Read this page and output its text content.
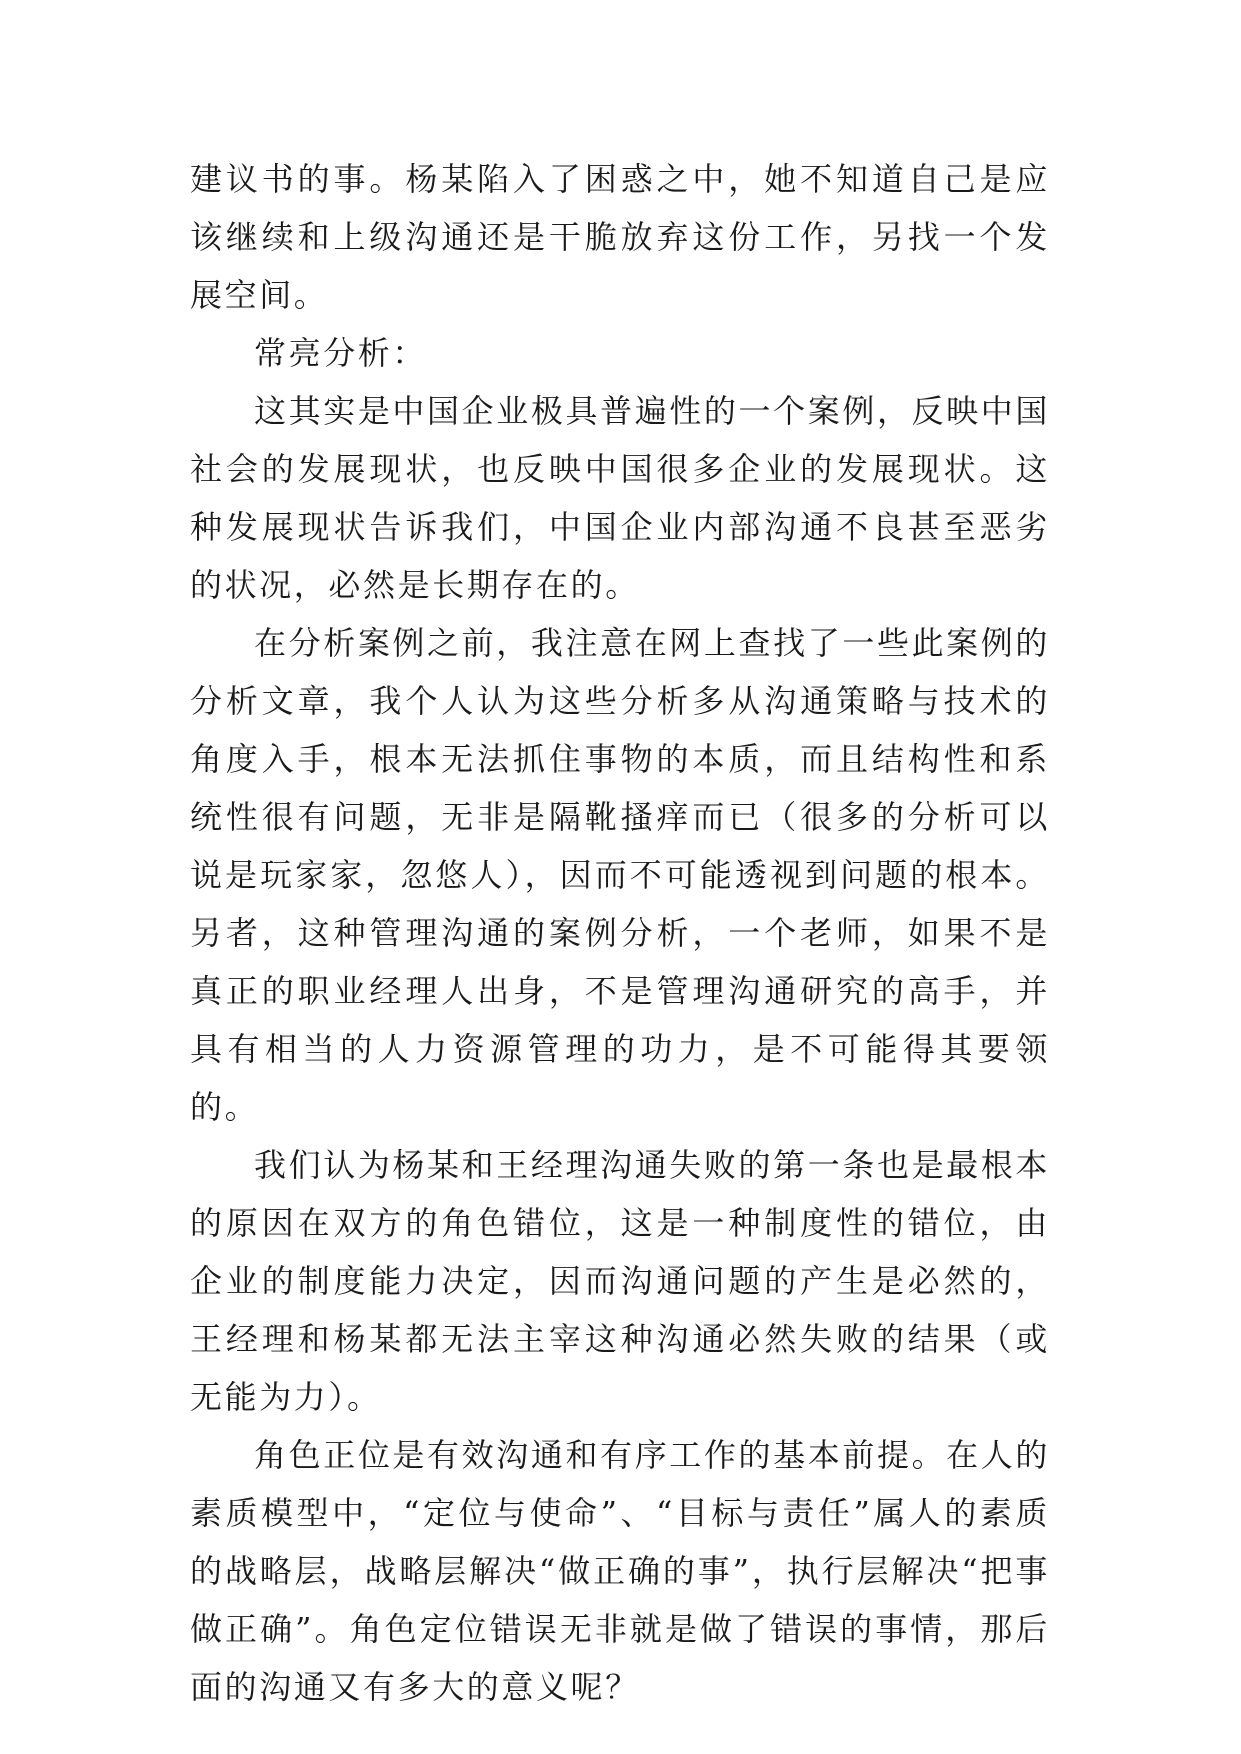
建议书的事。杨某陷入了困惑之中，她不知道自己是应该继续和上级沟通还是干脆放弃这份工作，另找一个发展空间。

常亮分析：

这其实是中国企业极具普遍性的一个案例，反映中国社会的发展现状，也反映中国很多企业的发展现状。这种发展现状告诉我们，中国企业内部沟通不良甚至恶劣的状况，必然是长期存在的。

在分析案例之前，我注意在网上查找了一些此案例的分析文章，我个人认为这些分析多从沟通策略与技术的角度入手，根本无法抓住事物的本质，而且结构性和系统性很有问题，无非是隔靴搔痒而已（很多的分析可以说是玩家家，忽悠人），因而不可能透视到问题的根本。另者，这种管理沟通的案例分析，一个老师，如果不是真正的职业经理人出身，不是管理沟通研究的高手，并具有相当的人力资源管理的功力，是不可能得其要领的。

我们认为杨某和王经理沟通失败的第一条也是最根本的原因在双方的角色错位，这是一种制度性的错位，由企业的制度能力决定，因而沟通问题的产生是必然的，王经理和杨某都无法主宰这种沟通必然失败的结果（或无能为力）。

角色正位是有效沟通和有序工作的基本前提。在人的素质模型中，“定位与使命”、“目标与责任”属人的素质的战略层，战略层解决“做正确的事”，执行层解决“把事做正确”。角色定位错误无非就是做了错误的事情，那后面的沟通又有多大的意义呢？
